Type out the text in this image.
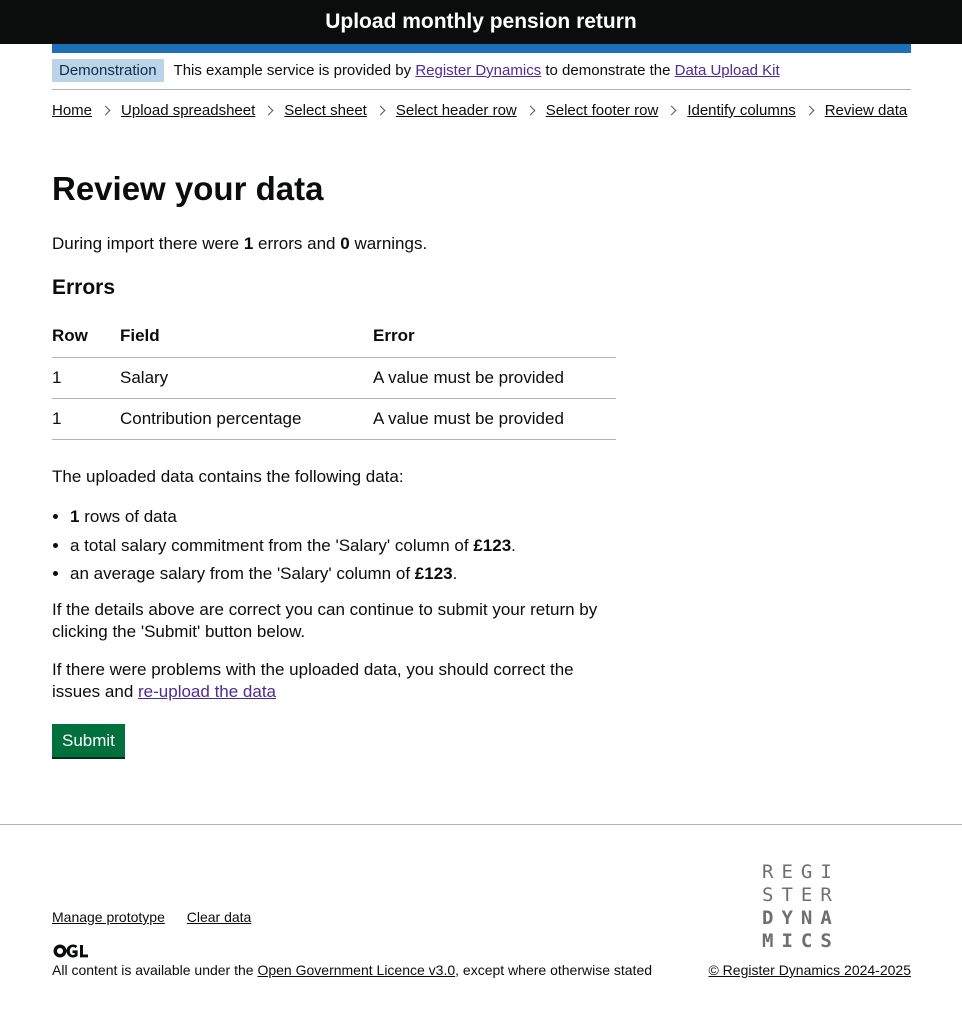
Upload monthly pension return
Demonstration	This example service is provided by Register Dynamics to demonstrate the Data Upload Kit
Home Upload spreadsheet Select sheet Select header row Select footer row Identify columns Review data
Review your data

During import there were 1 errors and 0 warnings.

Errors
Row	Field	Error
1	Salary	A value must be provided
1	Contribution percentage	A value must be provided

The uploaded data contains the following data:

• 1 rows of data
• a total salary commitment from the 'Salary' column of £123.
• an average salary from the 'Salary' column of £123.

If the details above are correct you can continue to submit your return by clicking the 'Submit' button below.

If there were problems with the uploaded data, you should correct the issues and re-upload the data

Submit
Manage prototype Clear data
All content is available under the Open Government Licence v3.0, except where otherwise stated
REGI
STER
DYNA
MICS
© Register Dynamics 2024-2025
